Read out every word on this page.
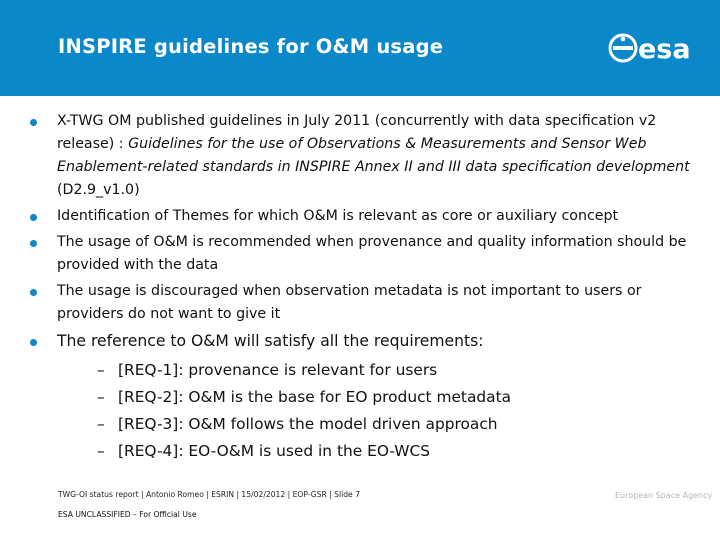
INSPIRE guidelines for O&M usage	esa
X-TWG OM published guidelines in July 2011 (concurrently with data specification v2 release) : Guidelines for the use of Observations & Measurements and Sensor Web Enablement-related standards in INSPIRE Annex II and III data specification development (D2.9_v1.0)
Identification of Themes for which O&M is relevant as core or auxiliary concept
The usage of O&M is recommended when provenance and quality information should be provided with the data
The usage is discouraged when observation metadata is not important to users or providers do not want to give it
The reference to O&M will satisfy all the requirements:
– [REQ-1]: provenance is relevant for users
– [REQ-2]: O&M is the base for EO product metadata
– [REQ-3]: O&M follows the model driven approach
– [REQ-4]: EO-O&M is used in the EO-WCS
TWG-OI status report | Antonio Romeo | ESRIN | 15/02/2012 | EOP-GSR | Slide 7
ESA UNCLASSIFIED – For Official Use
European Space Agency
